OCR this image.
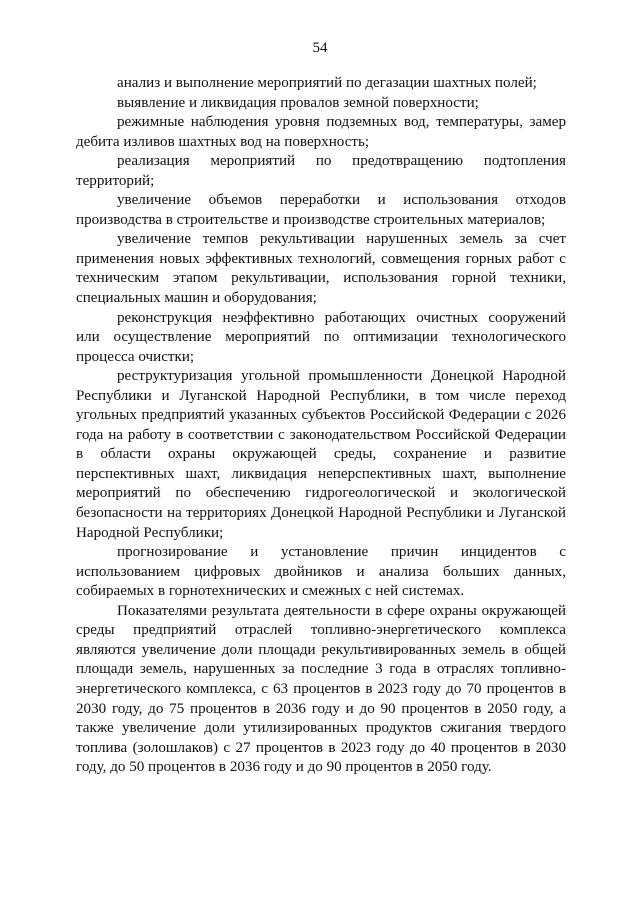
54

анализ и выполнение мероприятий по дегазации шахтных полей;

выявление и ликвидация провалов земной поверхности;

режимные наблюдения уровня подземных вод, температуры, замер дебита изливов шахтных вод на поверхность;

реализация мероприятий по предотвращению подтопления территорий;

увеличение объемов переработки и использования отходов производства в строительстве и производстве строительных материалов;

увеличение темпов рекультивации нарушенных земель за счет применения новых эффективных технологий, совмещения горных работ с техническим этапом рекультивации, использования горной техники, специальных машин и оборудования;

реконструкция неэффективно работающих очистных сооружений или осуществление мероприятий по оптимизации технологического процесса очистки;

реструктуризация угольной промышленности Донецкой Народной Республики и Луганской Народной Республики, в том числе переход угольных предприятий указанных субъектов Российской Федерации с 2026 года на работу в соответствии с законодательством Российской Федерации в области охраны окружающей среды, сохранение и развитие перспективных шахт, ликвидация неперспективных шахт, выполнение мероприятий по обеспечению гидрогеологической и экологической безопасности на территориях Донецкой Народной Республики и Луганской Народной Республики;

прогнозирование и установление причин инцидентов с использованием цифровых двойников и анализа больших данных, собираемых в горнотехнических и смежных с ней системах.

Показателями результата деятельности в сфере охраны окружающей среды предприятий отраслей топливно-энергетического комплекса являются увеличение доли площади рекультивированных земель в общей площади земель, нарушенных за последние 3 года в отраслях топливно-энергетического комплекса, с 63 процентов в 2023 году до 70 процентов в 2030 году, до 75 процентов в 2036 году и до 90 процентов в 2050 году, а также увеличение доли утилизированных продуктов сжигания твердого топлива (золошлаков) с 27 процентов в 2023 году до 40 процентов в 2030 году, до 50 процентов в 2036 году и до 90 процентов в 2050 году.
